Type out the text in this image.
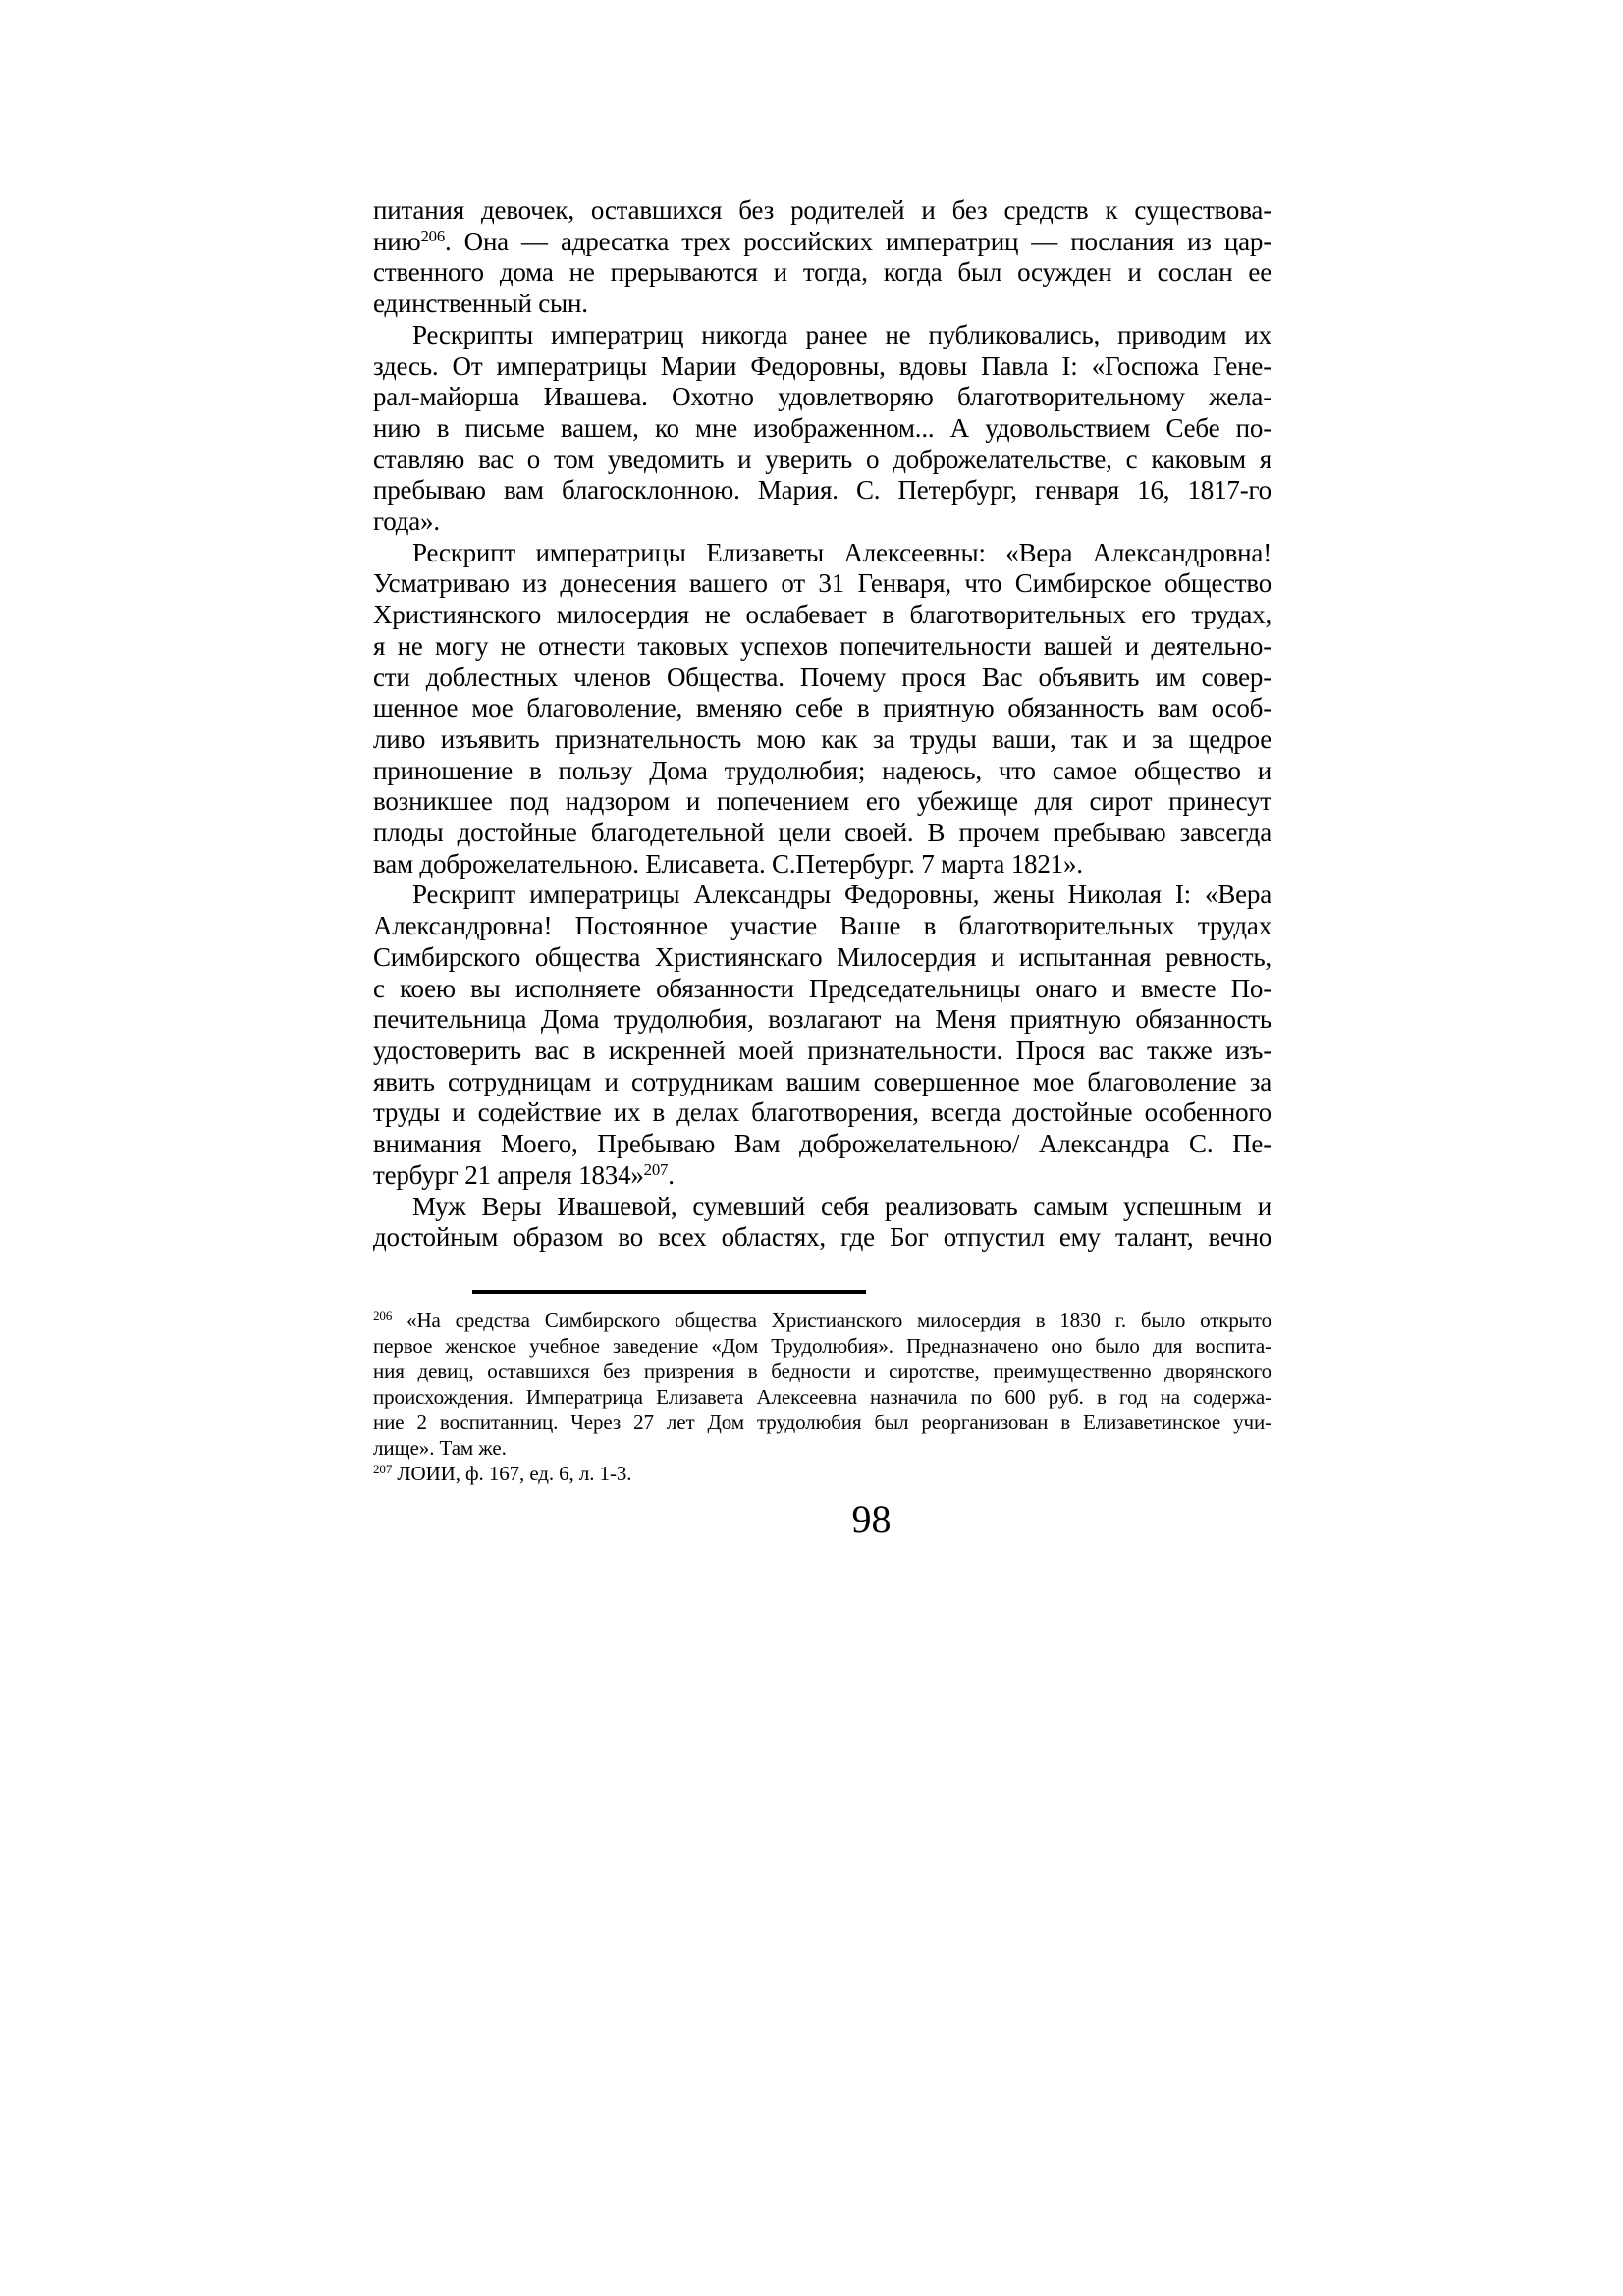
питания девочек, оставшихся без родителей и без средств к существова-
нию$^{206}$. Она — адресатка трех российских императриц — послания из цар-
ственного дома не прерываются и тогда, когда был осужден и сослан ее
единственный сын.
Рескрипты императриц никогда ранее не публиковались, приводим их
здесь. От императрицы Марии Федоровны, вдовы Павла I: «Госпожа Гене-
рал-майорша Ивашева. Охотно удовлетворяю благотворительному жела-
нию в письме вашем, ко мне изображенном... А удовольствием Себе по-
ставляю вас о том уведомить и уверить о доброжелательстве, с каковым я
пребываю вам благосклонною. Мария. С. Петербург, генваря 16, 1817-го
года».
Рескрипт императрицы Елизаветы Алексеевны: «Вера Александровна!
Усматриваю из донесения вашего от 31 Генваря, что Симбирское общество
Християнского милосердия не ослабевает в благотворительных его трудах,
я не могу не отнести таковых успехов попечительности вашей и деятельно-
сти доблестных членов Общества. Почему прося Вас объявить им совер-
шенное мое благоволение, вменяю себе в приятную обязанность вам особ-
ливо изъявить признательность мою как за труды ваши, так и за щедрое
приношение в пользу Дома трудолюбия; надеюсь, что самое общество и
возникшее под надзором и попечением его убежище для сирот принесут
плоды достойные благодетельной цели своей. В прочем пребываю завсегда
вам доброжелательною. Елисавета. С.Петербург. 7 марта 1821».
Рескрипт императрицы Александры Федоровны, жены Николая I: «Вера
Александровна! Постоянное участие Ваше в благотворительных трудах
Симбирского общества Християнскаго Милосердия и испытанная ревность,
с коею вы исполняете обязанности Председательницы онаго и вместе По-
печительница Дома трудолюбия, возлагают на Меня приятную обязанность
удостоверить вас в искренней моей признательности. Прося вас также изъ-
явить сотрудницам и сотрудникам вашим совершенное мое благоволение за
труды и содействие их в делах благотворения, всегда достойные особенного
внимания Моего, Пребываю Вам доброжелательною/ Александра С. Пе-
тербург 21 апреля 1834»$^{207}$.
Муж Веры Ивашевой, сумевший себя реализовать самым успешным и
достойным образом во всех областях, где Бог отпустил ему талант, вечно
$^{206}$ «На средства Симбирского общества Христианского милосердия в 1830 г. было открыто
первое женское учебное заведение «Дом Трудолюбия». Предназначено оно было для воспита-
ния девиц, оставшихся без призрения в бедности и сиротстве, преимущественно дворянского
происхождения. Императрица Елизавета Алексеевна назначила по 600 руб. в год на содержа-
ние 2 воспитанниц. Через 27 лет Дом трудолюбия был реорганизован в Елизаветинское учи-
лище». Там же.
$^{207}$ ЛОИИ, ф. 167, ед. 6, л. 1-3.
98
